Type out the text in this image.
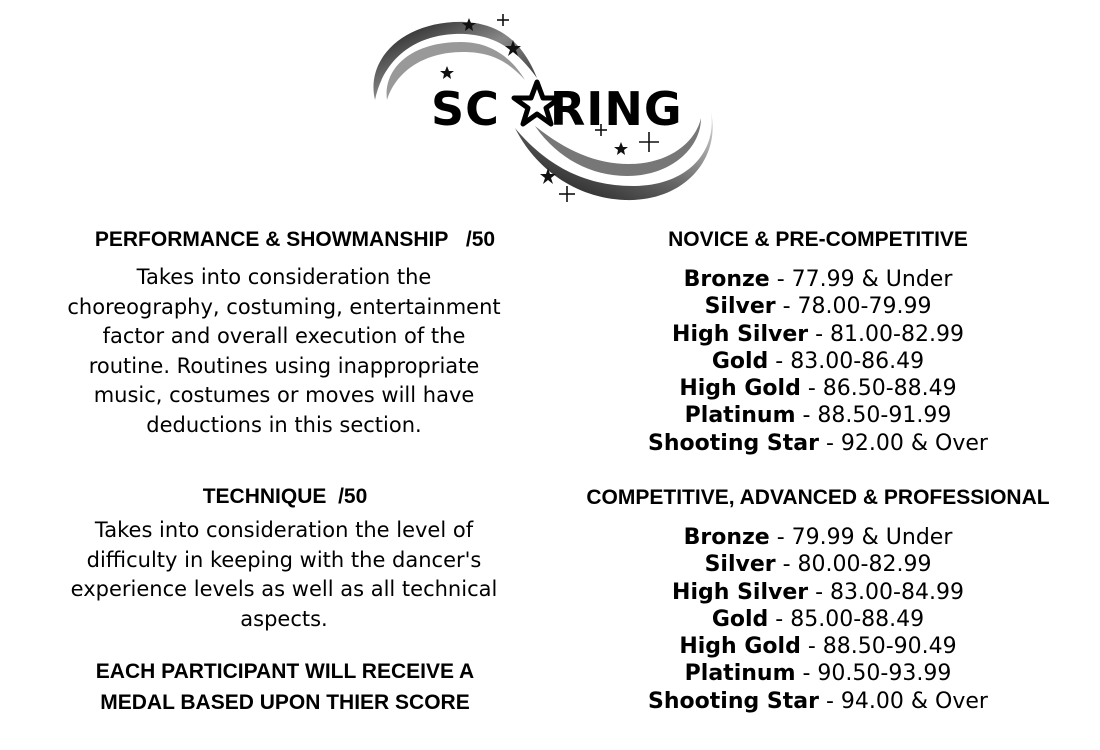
SC RING
PERFORMANCE & SHOWMANSHIP /50
Takes into consideration the choreography, costuming, entertainment factor and overall execution of the routine. Routines using inappropriate music, costumes or moves will have deductions in this section.
TECHNIQUE /50
Takes into consideration the level of difficulty in keeping with the dancer's experience levels as well as all technical aspects.
EACH PARTICIPANT WILL RECEIVE A
MEDAL BASED UPON THIER SCORE
NOVICE & PRE-COMPETITIVE
Bronze - 77.99 & Under
Silver - 78.00-79.99
High Silver - 81.00-82.99
Gold - 83.00-86.49
High Gold - 86.50-88.49
Platinum - 88.50-91.99
Shooting Star - 92.00 & Over
COMPETITIVE, ADVANCED & PROFESSIONAL
Bronze - 79.99 & Under
Silver - 80.00-82.99
High Silver - 83.00-84.99
Gold - 85.00-88.49
High Gold - 88.50-90.49
Platinum - 90.50-93.99
Shooting Star - 94.00 & Over
